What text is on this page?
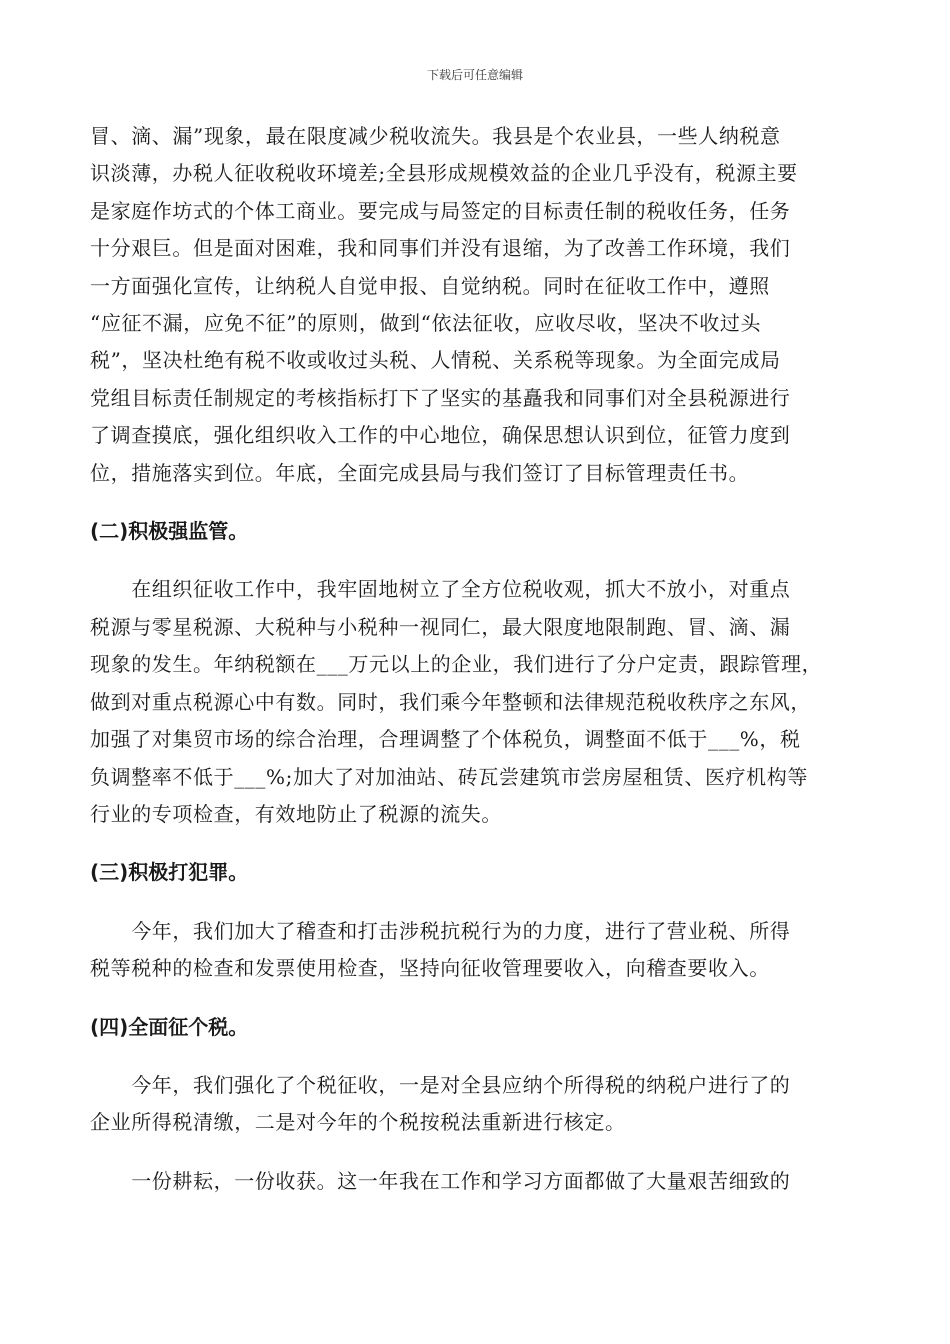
下载后可任意编辑
冒、滴、漏”现象，最在限度减少税收流失。我县是个农业县，一些人纳税意
识淡薄，办税人征收税收环境差;全县形成规模效益的企业几乎没有，税源主要
是家庭作坊式的个体工商业。要完成与局签定的目标责任制的税收任务，任务
十分艰巨。但是面对困难，我和同事们并没有退缩，为了改善工作环境，我们
一方面强化宣传，让纳税人自觉申报、自觉纳税。同时在征收工作中，遵照
“应征不漏，应免不征”的原则，做到“依法征收，应收尽收，坚决不收过头
税”，坚决杜绝有税不收或收过头税、人情税、关系税等现象。为全面完成局
党组目标责任制规定的考核指标打下了坚实的基矗我和同事们对全县税源进行
了调查摸底，强化组织收入工作的中心地位，确保思想认识到位，征管力度到
位，措施落实到位。年底，全面完成县局与我们签订了目标管理责任书。
(二)积极强监管。
　　在组织征收工作中，我牢固地树立了全方位税收观，抓大不放小，对重点
税源与零星税源、大税种与小税种一视同仁，最大限度地限制跑、冒、滴、漏
现象的发生。年纳税额在___万元以上的企业，我们进行了分户定责，跟踪管理，
做到对重点税源心中有数。同时，我们乘今年整顿和法律规范税收秩序之东风，
加强了对集贸市场的综合治理，合理调整了个体税负，调整面不低于___%，税
负调整率不低于___%;加大了对加油站、砖瓦尝建筑市尝房屋租赁、医疗机构等
行业的专项检查，有效地防止了税源的流失。
(三)积极打犯罪。
　　今年，我们加大了稽查和打击涉税抗税行为的力度，进行了营业税、所得
税等税种的检查和发票使用检查，坚持向征收管理要收入，向稽查要收入。
(四)全面征个税。
　　今年，我们强化了个税征收，一是对全县应纳个所得税的纳税户进行了的
企业所得税清缴，二是对今年的个税按税法重新进行核定。
　　一份耕耘，一份收获。这一年我在工作和学习方面都做了大量艰苦细致的
